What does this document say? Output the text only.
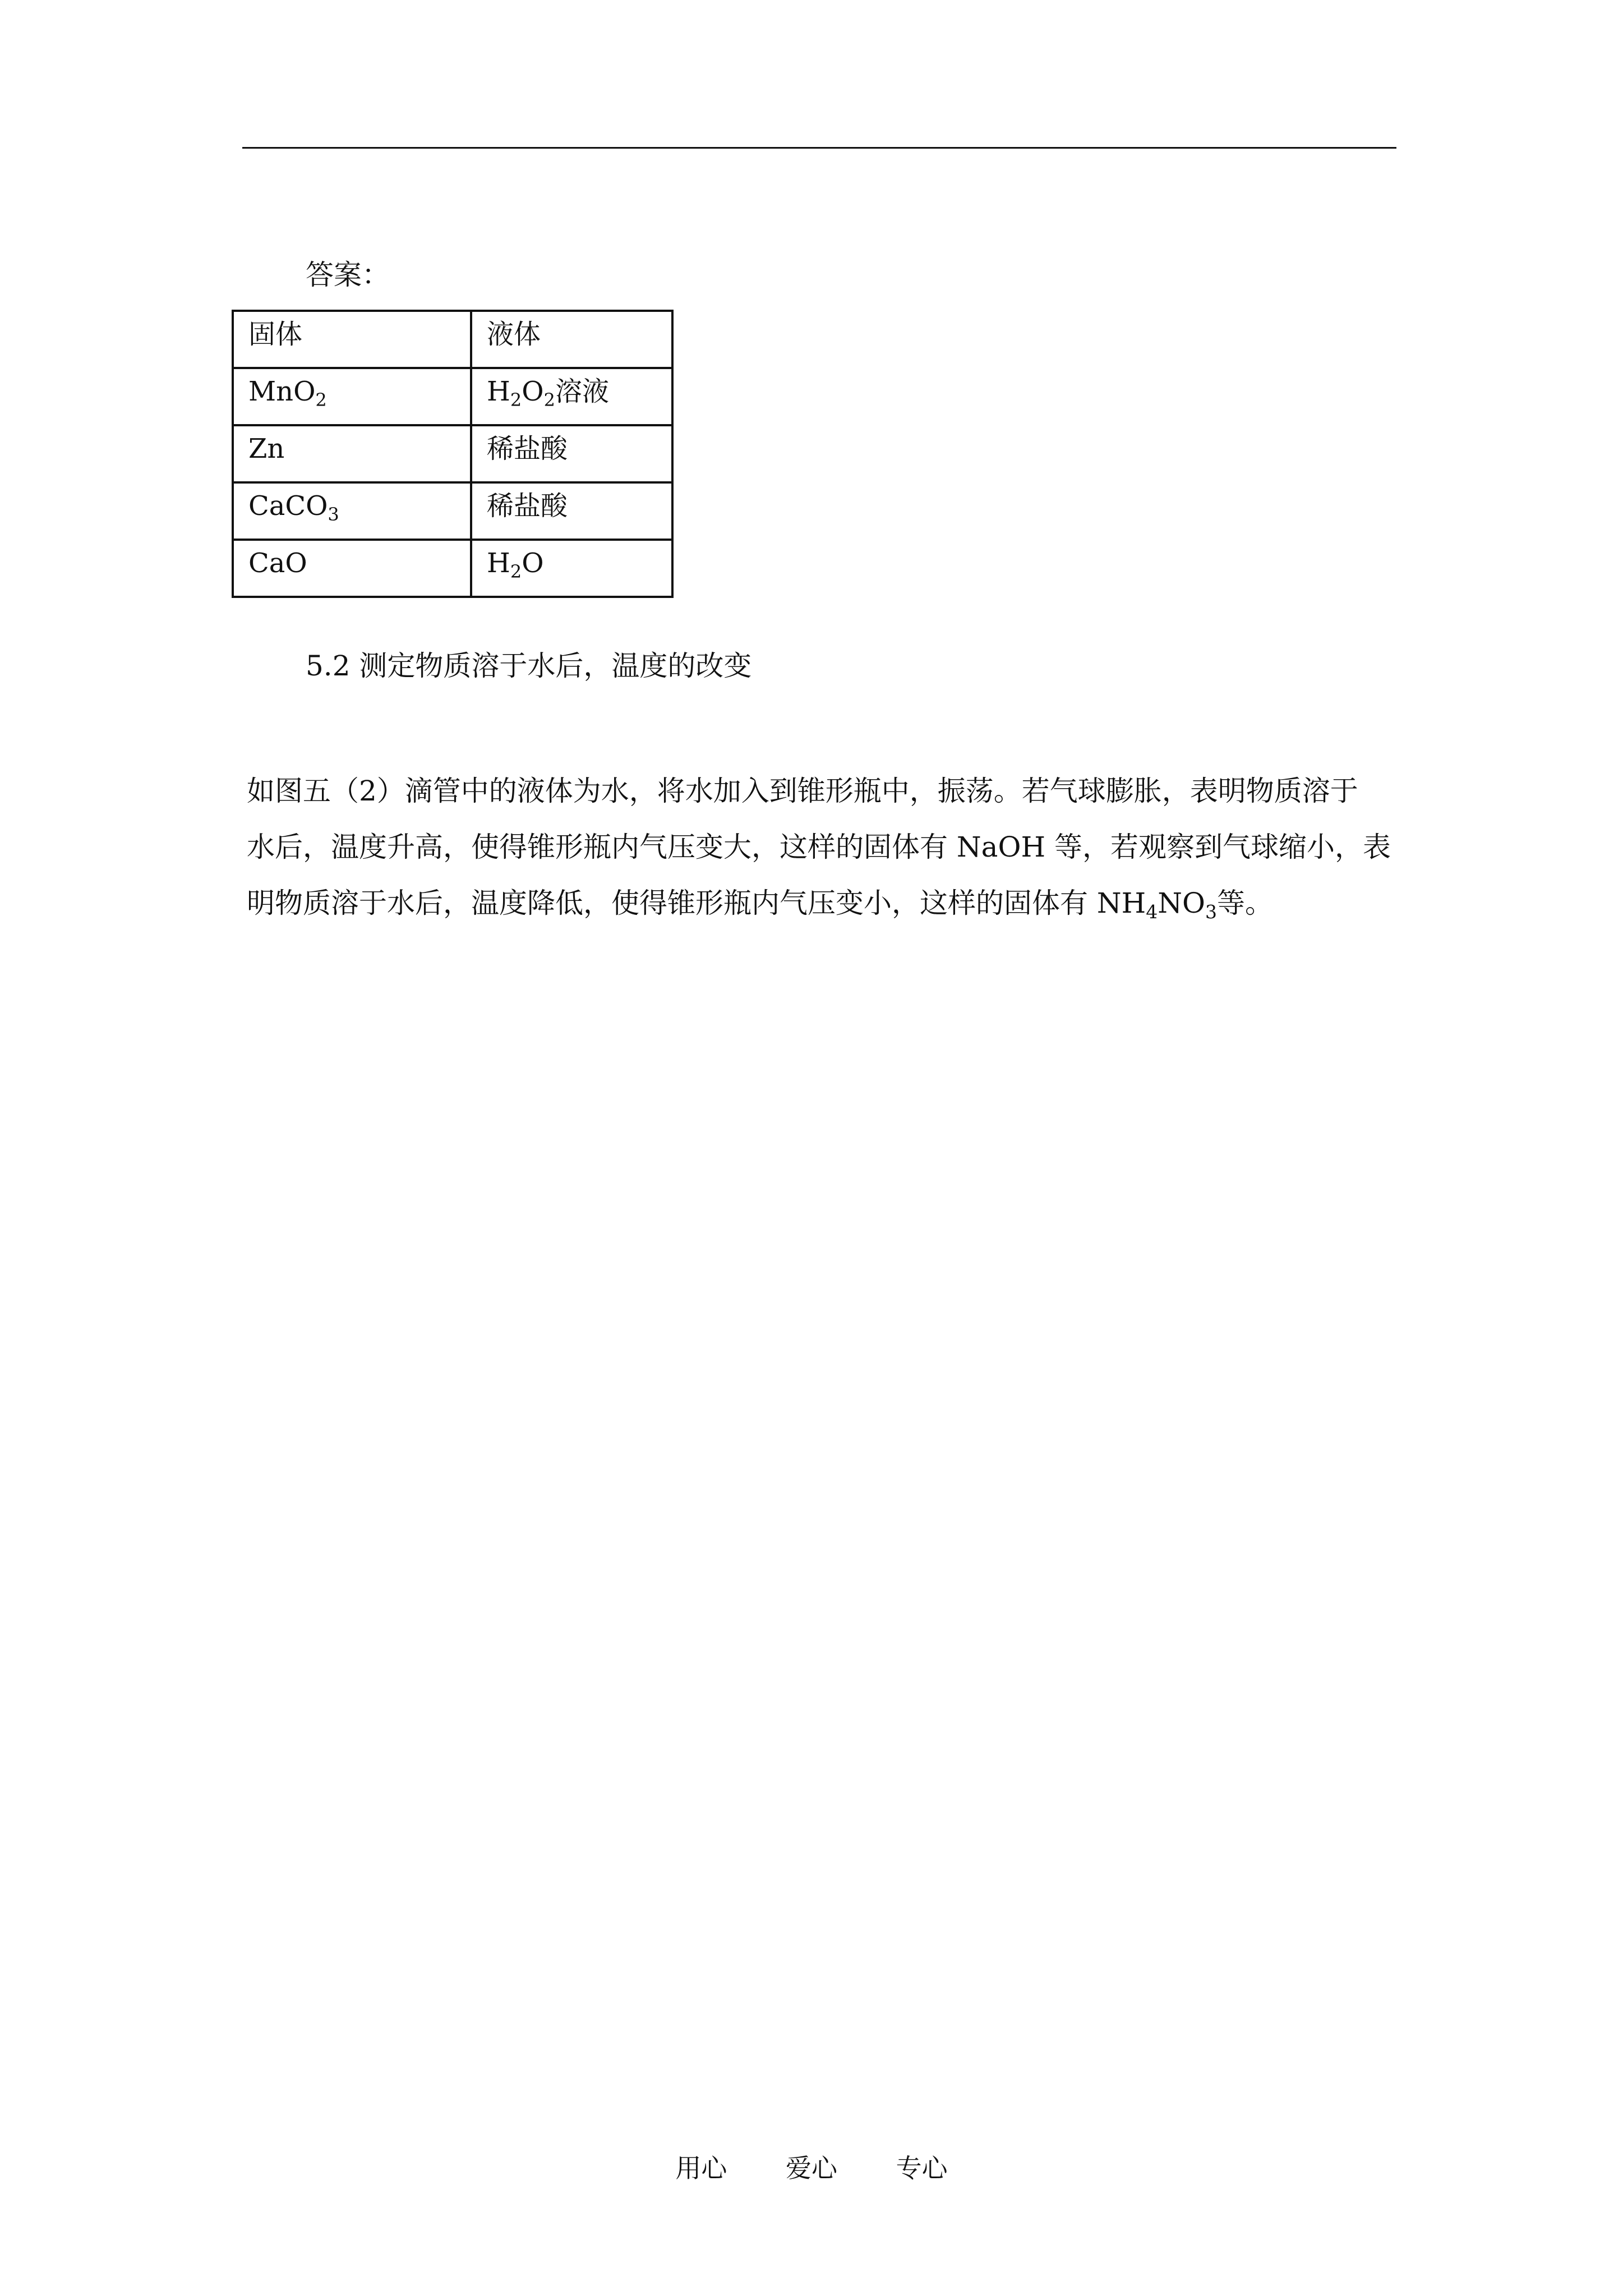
答案：
固体	液体
MnO$_2$	$H_2O_2$溶液
Zn	稀盐酸
CaCO$_3$	稀盐酸
CaO	$H_2O$
5.2 测定物质溶于水后，温度的改变
如图五（2）滴管中的液体为水，将水加入到锥形瓶中，振荡。若气球膨胀，表明物质溶于
水后，温度升高，使得锥形瓶内气压变大，这样的固体有 NaOH 等，若观察到气球缩小，表
明物质溶于水后，温度降低，使得锥形瓶内气压变小，这样的固体有 $NH_4NO_3$等。
用心 爱心 专心
